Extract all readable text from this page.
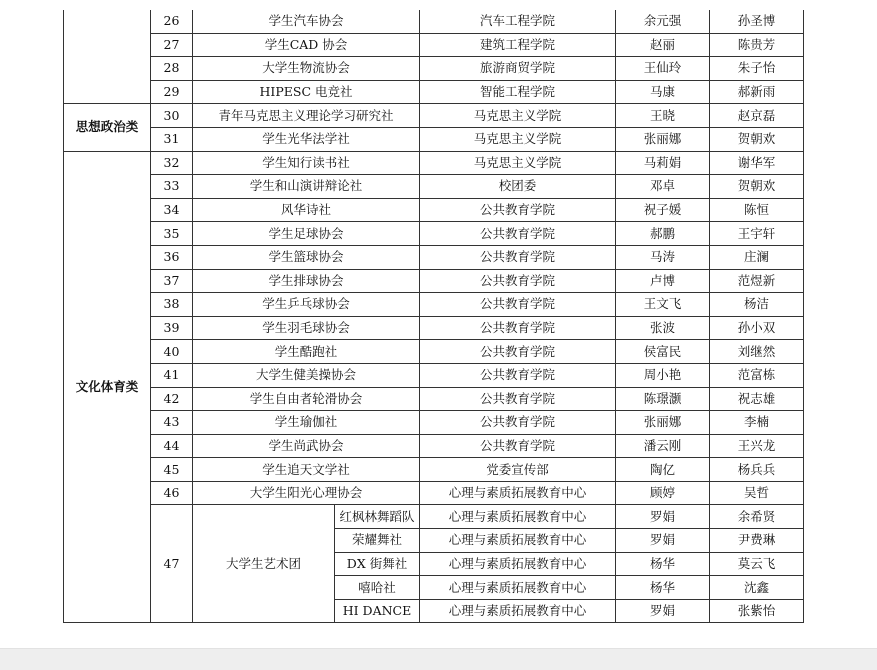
	26	学生汽车协会		汽车工程学院	余元强	孙圣博
	27	学生CAD 协会		建筑工程学院	赵丽	陈贵芳
	28	大学生物流协会		旅游商贸学院	王仙玲	朱子怡
	29	HIPESC 电竞社		智能工程学院	马康	郝新雨
思想政治类	30	青年马克思主义理论学习研究社		马克思主义学院	王晓	赵京磊
	31	学生光华法学社		马克思主义学院	张丽娜	贺朝欢
文化体育类	32	学生知行读书社		马克思主义学院	马莉娟	谢华军
	33	学生和山演讲辩论社		校团委	邓卓	贺朝欢
	34	风华诗社		公共教育学院	祝子媛	陈恒
	35	学生足球协会		公共教育学院	郝鹏	王宇轩
	36	学生篮球协会		公共教育学院	马涛	庄澜
	37	学生排球协会		公共教育学院	卢博	范煜新
	38	学生乒乓球协会		公共教育学院	王文飞	杨洁
	39	学生羽毛球协会		公共教育学院	张波	孙小双
	40	学生酷跑社		公共教育学院	侯富民	刘继然
	41	大学生健美操协会		公共教育学院	周小艳	范富栋
	42	学生自由者轮滑协会		公共教育学院	陈璟灏	祝志雄
	43	学生瑜伽社		公共教育学院	张丽娜	李楠
	44	学生尚武协会		公共教育学院	潘云刚	王兴龙
	45	学生追天文学社		党委宣传部	陶亿	杨兵兵
	46	大学生阳光心理协会		心理与素质拓展教育中心	顾婷	吴哲
	47	大学生艺术团	红枫林舞蹈队	心理与素质拓展教育中心	罗娟	余希贤
			荣耀舞社	心理与素质拓展教育中心	罗娟	尹费琳
			DX 街舞社	心理与素质拓展教育中心	杨华	莫云飞
			嘻哈社	心理与素质拓展教育中心	杨华	沈鑫
			HI DANCE	心理与素质拓展教育中心	罗娟	张紫怡
